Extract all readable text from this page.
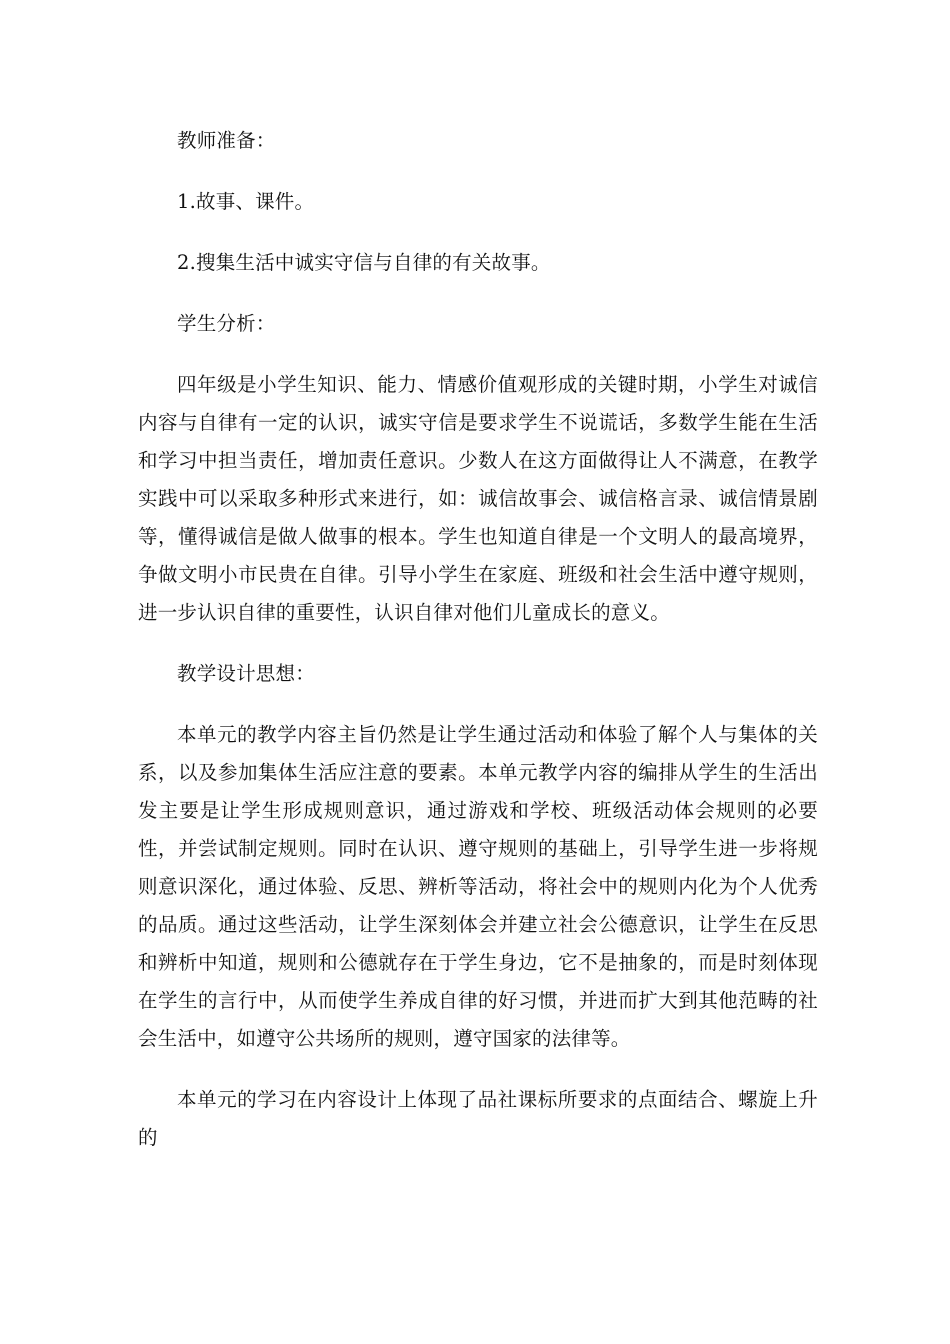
教师准备：

1.故事、课件。

2.搜集生活中诚实守信与自律的有关故事。

学生分析：

四年级是小学生知识、能力、情感价值观形成的关键时期，小学生对诚信内容与自律有一定的认识，诚实守信是要求学生不说谎话，多数学生能在生活和学习中担当责任，增加责任意识。少数人在这方面做得让人不满意，在教学实践中可以采取多种形式来进行，如：诚信故事会、诚信格言录、诚信情景剧等，懂得诚信是做人做事的根本。学生也知道自律是一个文明人的最高境界，争做文明小市民贵在自律。引导小学生在家庭、班级和社会生活中遵守规则，进一步认识自律的重要性，认识自律对他们儿童成长的意义。

教学设计思想：

本单元的教学内容主旨仍然是让学生通过活动和体验了解个人与集体的关系，以及参加集体生活应注意的要素。本单元教学内容的编排从学生的生活出发主要是让学生形成规则意识，通过游戏和学校、班级活动体会规则的必要性，并尝试制定规则。同时在认识、遵守规则的基础上，引导学生进一步将规则意识深化，通过体验、反思、辨析等活动，将社会中的规则内化为个人优秀的品质。通过这些活动，让学生深刻体会并建立社会公德意识，让学生在反思和辨析中知道，规则和公德就存在于学生身边，它不是抽象的，而是时刻体现在学生的言行中，从而使学生养成自律的好习惯，并进而扩大到其他范畴的社会生活中，如遵守公共场所的规则，遵守国家的法律等。

本单元的学习在内容设计上体现了品社课标所要求的点面结合、螺旋上升的
